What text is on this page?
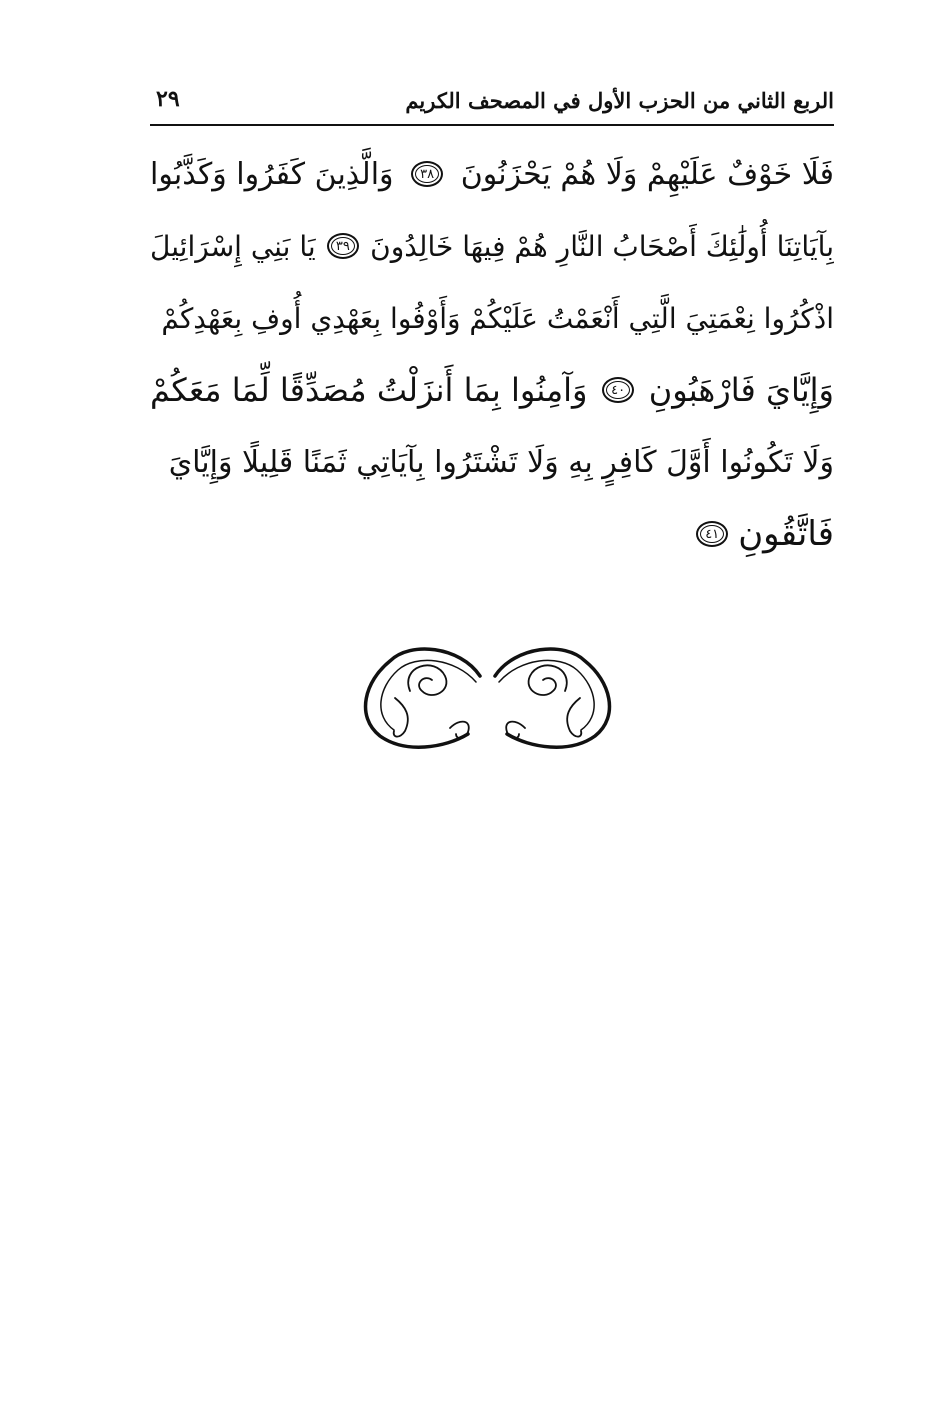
الربع الثاني من الحزب الأول في المصحف الكريم
٢٩
فَلَا خَوْفٌ عَلَيْهِمْ وَلَا هُمْ يَحْزَنُونَ
٣٨
وَالَّذِينَ كَفَرُوا وَكَذَّبُوا
بِآيَاتِنَا أُولَٰئِكَ أَصْحَابُ النَّارِ هُمْ فِيهَا خَالِدُونَ
٣٩
يَا بَنِي إِسْرَائِيلَ
اذْكُرُوا نِعْمَتِيَ الَّتِي أَنْعَمْتُ عَلَيْكُمْ وَأَوْفُوا بِعَهْدِي أُوفِ بِعَهْدِكُمْ
وَإِيَّايَ فَارْهَبُونِ
٤٠
وَآمِنُوا بِمَا أَنزَلْتُ مُصَدِّقًا لِّمَا مَعَكُمْ
وَلَا تَكُونُوا أَوَّلَ كَافِرٍ بِهِ وَلَا تَشْتَرُوا بِآيَاتِي ثَمَنًا قَلِيلًا وَإِيَّايَ
فَاتَّقُونِ
٤١
